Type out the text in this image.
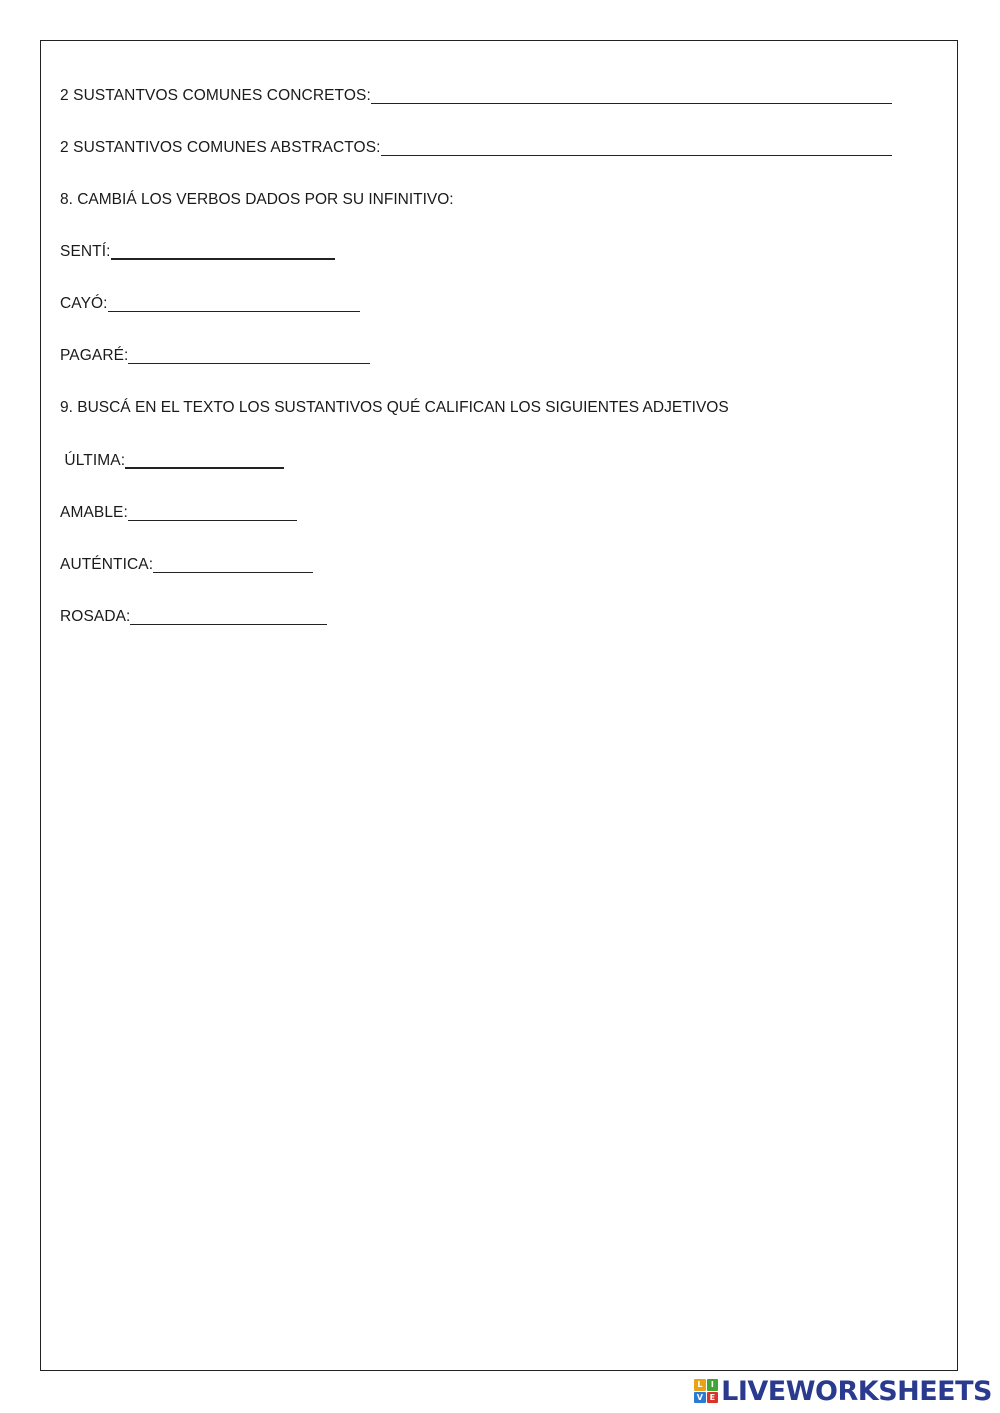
2 SUSTANTVOS COMUNES CONCRETOS:
2 SUSTANTIVOS COMUNES ABSTRACTOS:
8. CAMBIÁ LOS VERBOS DADOS POR SU INFINITIVO:
SENTÍ:
CAYÓ:
PAGARÉ:
9. BUSCÁ EN EL TEXTO LOS SUSTANTIVOS QUÉ CALIFICAN LOS SIGUIENTES ADJETIVOS
ÚLTIMA:
AMABLE:
AUTÉNTICA:
ROSADA:
L	I
V E LIVEWORKSHEETS
